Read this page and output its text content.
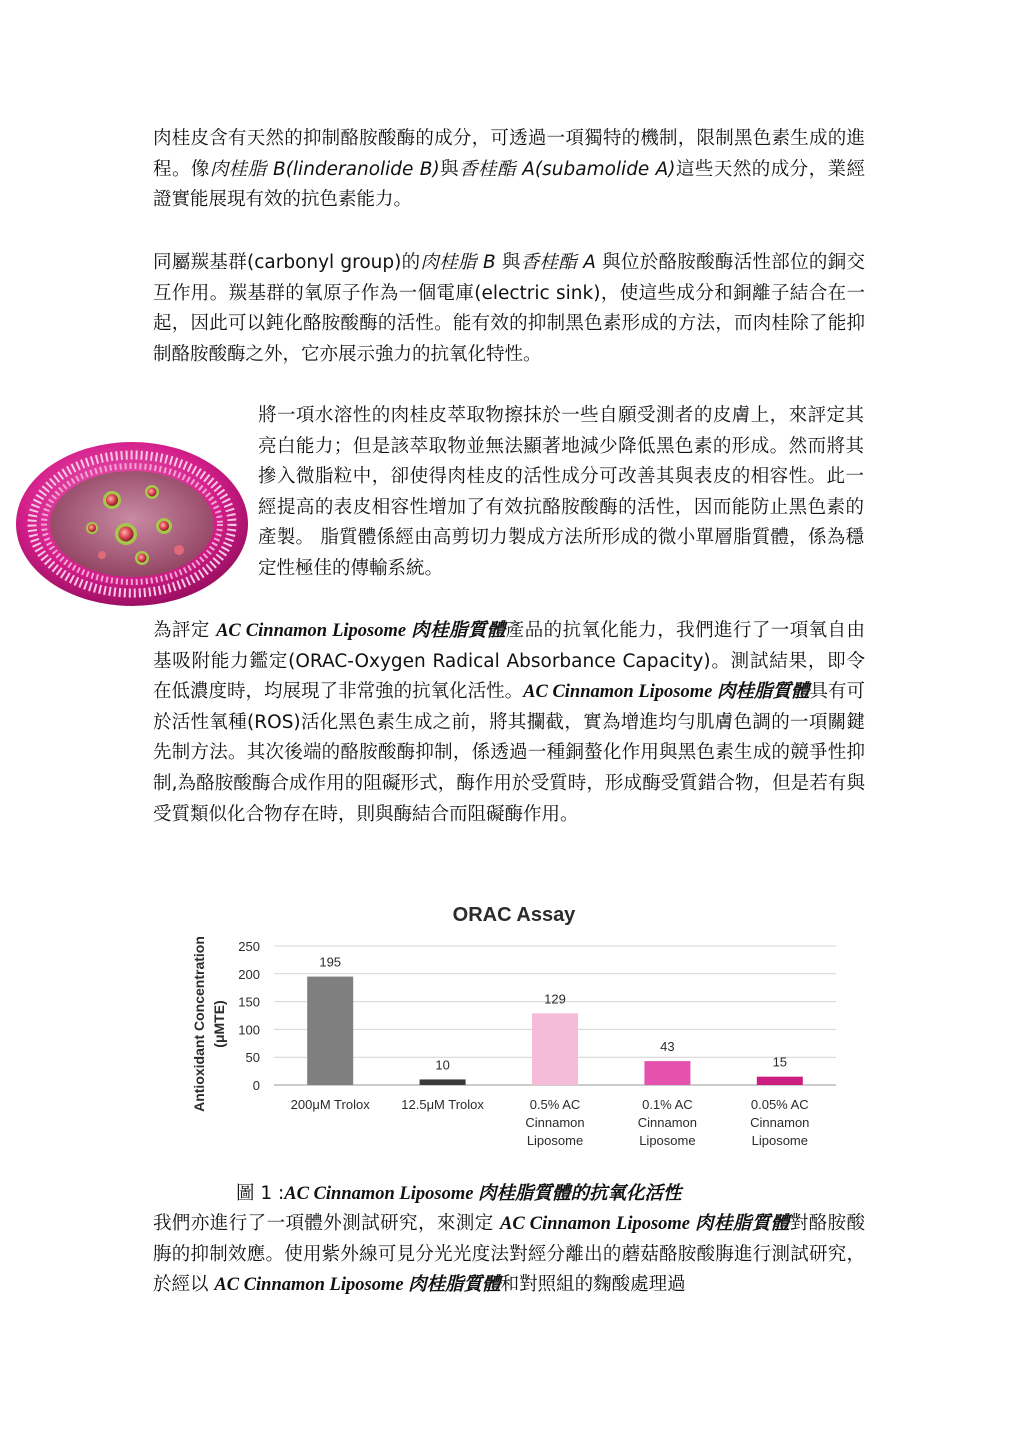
肉桂皮含有天然的抑制酪胺酸酶的成分，可透過一項獨特的機制，限制黑色素生成的進程。像肉桂脂 B(linderanolide B)與香桂酯 A(subamolide A)這些天然的成分，業經證實能展現有效的抗色素能力。

同屬羰基群(carbonyl group)的肉桂脂 B 與香桂酯 A 與位於酪胺酸酶活性部位的銅交互作用。羰基群的氧原子作為一個電庫(electric sink)，使這些成分和銅離子結合在一起，因此可以鈍化酪胺酸酶的活性。能有效的抑制黑色素形成的方法，而肉桂除了能抑制酪胺酸酶之外，它亦展示強力的抗氧化特性。

將一項水溶性的肉桂皮萃取物擦抹於一些自願受測者的皮膚上，來評定其亮白能力；但是該萃取物並無法顯著地減少降低黑色素的形成。然而將其摻入微脂粒中，卻使得肉桂皮的活性成分可改善其與表皮的相容性。此一經提高的表皮相容性增加了有效抗酪胺酸酶的活性，因而能防止黑色素的產製。 脂質體係經由高剪切力製成方法所形成的微小單層脂質體，係為穩定性極佳的傳輸系統。

為評定 AC Cinnamon Liposome 肉桂脂質體產品的抗氧化能力，我們進行了一項氧自由基吸附能力鑑定(ORAC-Oxygen Radical Absorbance Capacity)。測試結果，即令在低濃度時，均展現了非常強的抗氧化活性。AC Cinnamon Liposome 肉桂脂質體具有可於活性氧種(ROS)活化黑色素生成之前，將其攔截，實為增進均勻肌膚色調的一項關鍵先制方法。其次後端的酪胺酸酶抑制，係透過一種銅螯化作用與黑色素生成的競爭性抑制,為酪胺酸酶合成作用的阻礙形式，酶作用於受質時，形成酶受質錯合物，但是若有與受質類似化合物存在時，則與酶結合而阻礙酶作用。

ORAC Assay
Antioxidant Concentration (μMTE)
0
50
100
150
200
250
195
10
129
43
15
200μM Trolox 12.5μM Trolox	0.5% AC
Cinnamon
Liposome
0.1% AC
Cinnamon
Liposome
0.05% AC
Cinnamon
Liposome

圖 1 :AC Cinnamon Liposome 肉桂脂質體的抗氧化活性

我們亦進行了一項體外測試研究，來測定 AC Cinnamon Liposome 肉桂脂質體對酪胺酸脢的抑制效應。使用紫外線可見分光光度法對經分離出的蘑菇酪胺酸脢進行測試研究，於經以 AC Cinnamon Liposome 肉桂脂質體和對照組的麴酸處理過
